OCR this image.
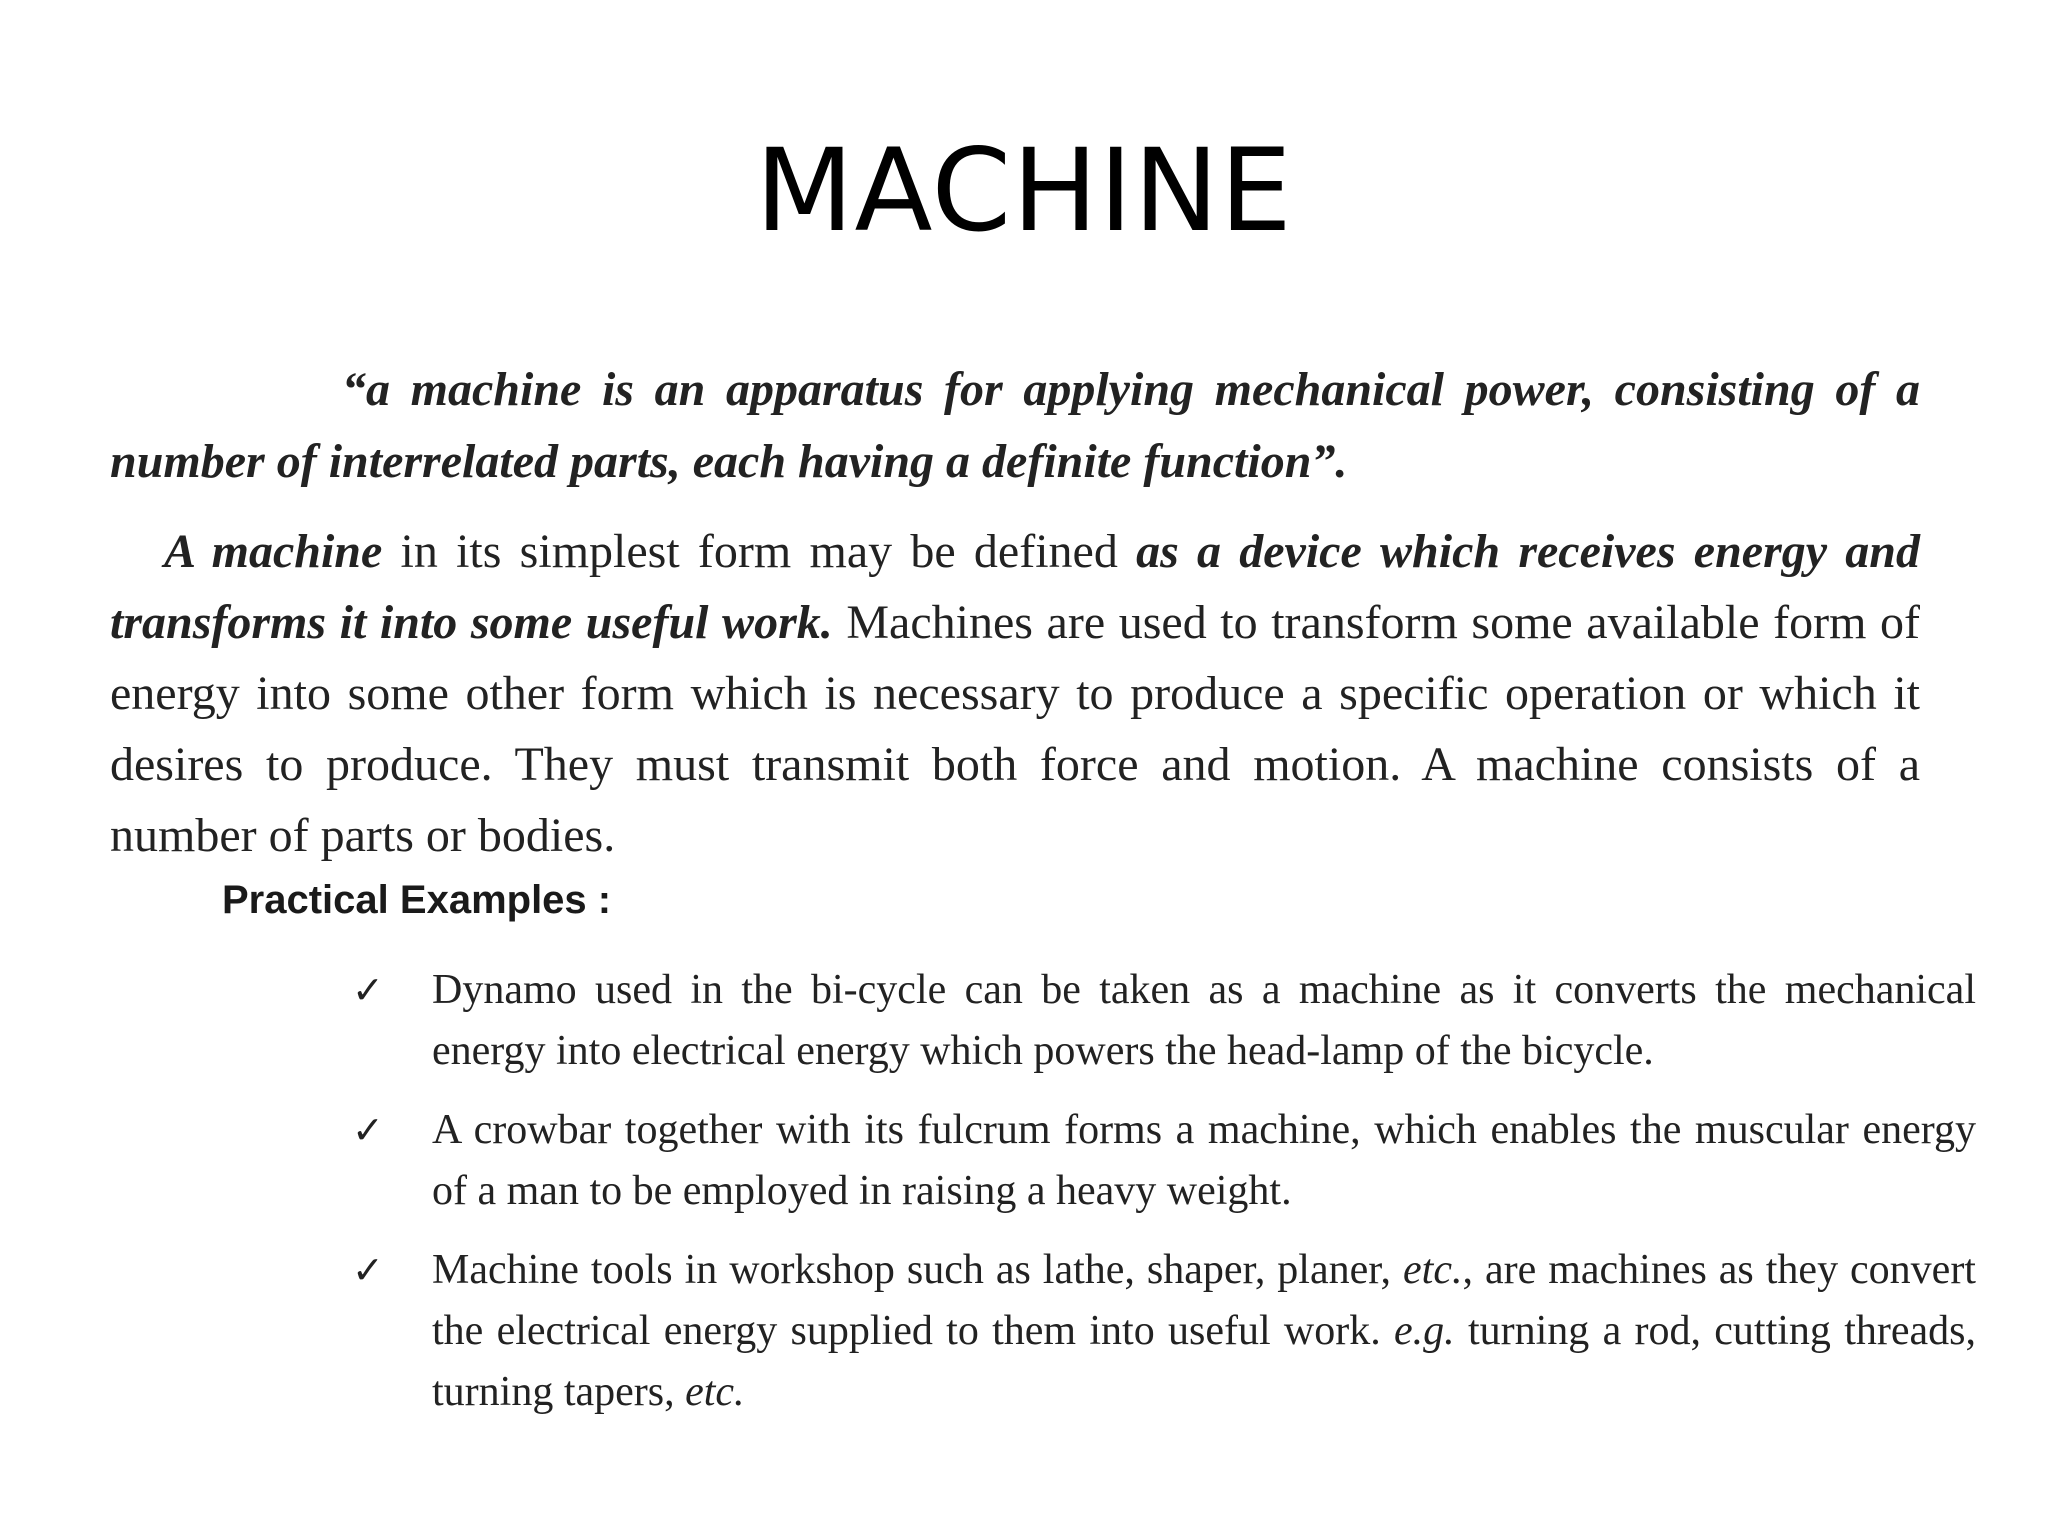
MACHINE

“a machine is an apparatus for applying mechanical power, consisting of a number of interrelated parts, each having a definite function”.

A machine in its simplest form may be defined as a device which receives energy and transforms it into some useful work. Machines are used to transform some available form of energy into some other form which is necessary to produce a specific operation or which it desires to produce. They must transmit both force and motion. A machine consists of a number of parts or bodies.

Practical Examples :
✓ Dynamo used in the bi-cycle can be taken as a machine as it converts the mechanical energy into electrical energy which powers the head-lamp of the bicycle.
✓ A crowbar together with its fulcrum forms a machine, which enables the muscular energy of a man to be employed in raising a heavy weight.
✓ Machine tools in workshop such as lathe, shaper, planer, etc., are machines as they convert the electrical energy supplied to them into useful work. e.g. turning a rod, cutting threads, turning tapers, etc.
